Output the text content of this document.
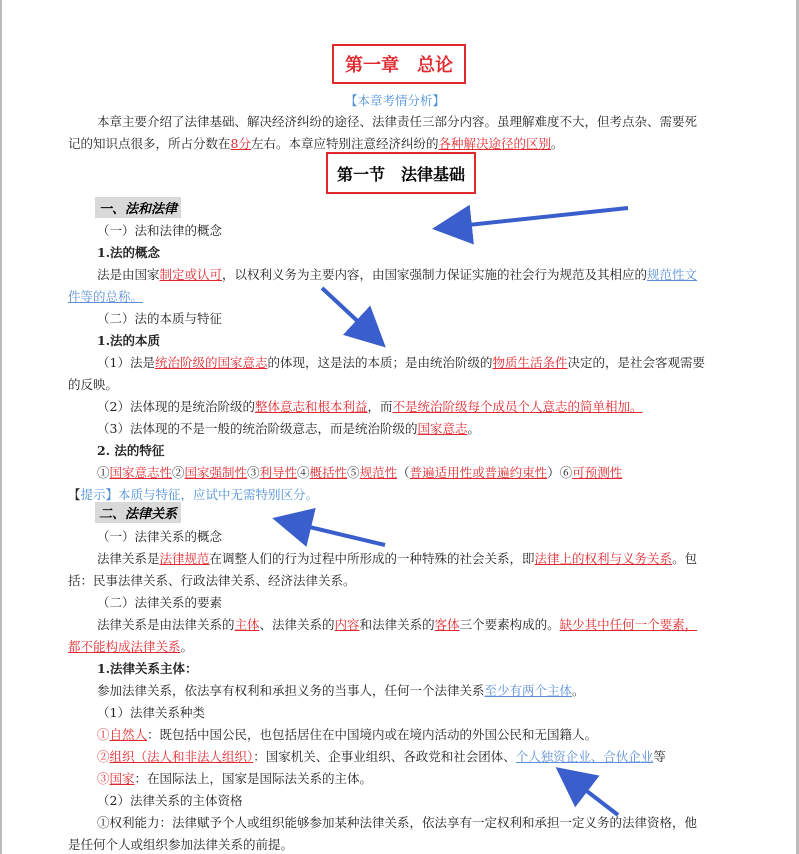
第一章　总论
【本章考情分析】
本章主要介绍了法律基础、解决经济纠纷的途径、法律责任三部分内容。虽理解难度不大，但考点杂、需要死
记的知识点很多，所占分数在8分左右。本章应特别注意经济纠纷的各种解决途径的区别。
第一节　法律基础
一、法和法律
（一）法和法律的概念
1.法的概念
法是由国家制定或认可，以权利义务为主要内容，由国家强制力保证实施的社会行为规范及其相应的规范性文
件等的总称。
（二）法的本质与特征
1.法的本质
（1）法是统治阶级的国家意志的体现，这是法的本质；是由统治阶级的物质生活条件决定的，是社会客观需要
的反映。
（2）法体现的是统治阶级的整体意志和根本利益，而不是统治阶级每个成员个人意志的简单相加。
（3）法体现的不是一般的统治阶级意志，而是统治阶级的国家意志。
2. 法的特征
①国家意志性②国家强制性③利导性④概括性⑤规范性（普遍适用性或普遍约束性）⑥可预测性
【提示】本质与特征，应试中无需特别区分。
二、法律关系
（一）法律关系的概念
法律关系是法律规范在调整人们的行为过程中所形成的一种特殊的社会关系，即法律上的权利与义务关系。包
括：民事法律关系、行政法律关系、经济法律关系。
（二）法律关系的要素
法律关系是由法律关系的主体、法律关系的内容和法律关系的客体三个要素构成的。缺少其中任何一个要素，
都不能构成法律关系。
1.法律关系主体：
参加法律关系，依法享有权利和承担义务的当事人，任何一个法律关系至少有两个主体。
（1）法律关系种类
①自然人：既包括中国公民，也包括居住在中国境内或在境内活动的外国公民和无国籍人。
②组织（法人和非法人组织）：国家机关、企事业组织、各政党和社会团体、个人独资企业、合伙企业等
③国家：在国际法上，国家是国际法关系的主体。
（2）法律关系的主体资格
①权利能力：法律赋予个人或组织能够参加某种法律关系，依法享有一定权利和承担一定义务的法律资格，他
是任何个人或组织参加法律关系的前提。
